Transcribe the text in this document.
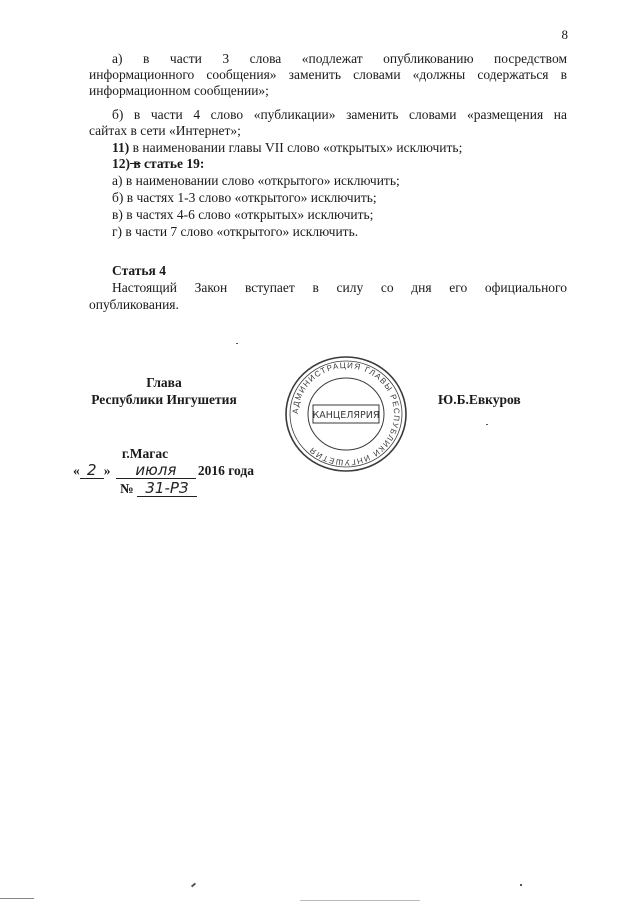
8
а) в части 3 слова «подлежат опубликованию посредством
информационного сообщения» заменить словами «должны содержаться в
информационном сообщении»;
б) в части 4 слово «публикации» заменить словами «размещения на
сайтах в сети «Интернет»;
11) в наименовании главы VII слово «открытых» исключить;
12) в статье 19:
а) в наименовании слово «открытого» исключить;
б) в частях 1-3 слово «открытого» исключить;
в) в частях 4-6 слово «открытых» исключить;
г) в части 7 слово «открытого» исключить.
Статья 4
Настоящий Закон вступает в силу со дня его официального
опубликования.
Глава
Республики Ингушетия	Ю.Б.Евкуров
АДМИНИСТРАЦИЯ ГЛАВЫ РЕСПУБЛИКИ ИНГУШЕТИЯ
КАНЦЕЛЯРИЯ
г.Магас
« 2 » июля 2016 года
№ 31-РЗ
